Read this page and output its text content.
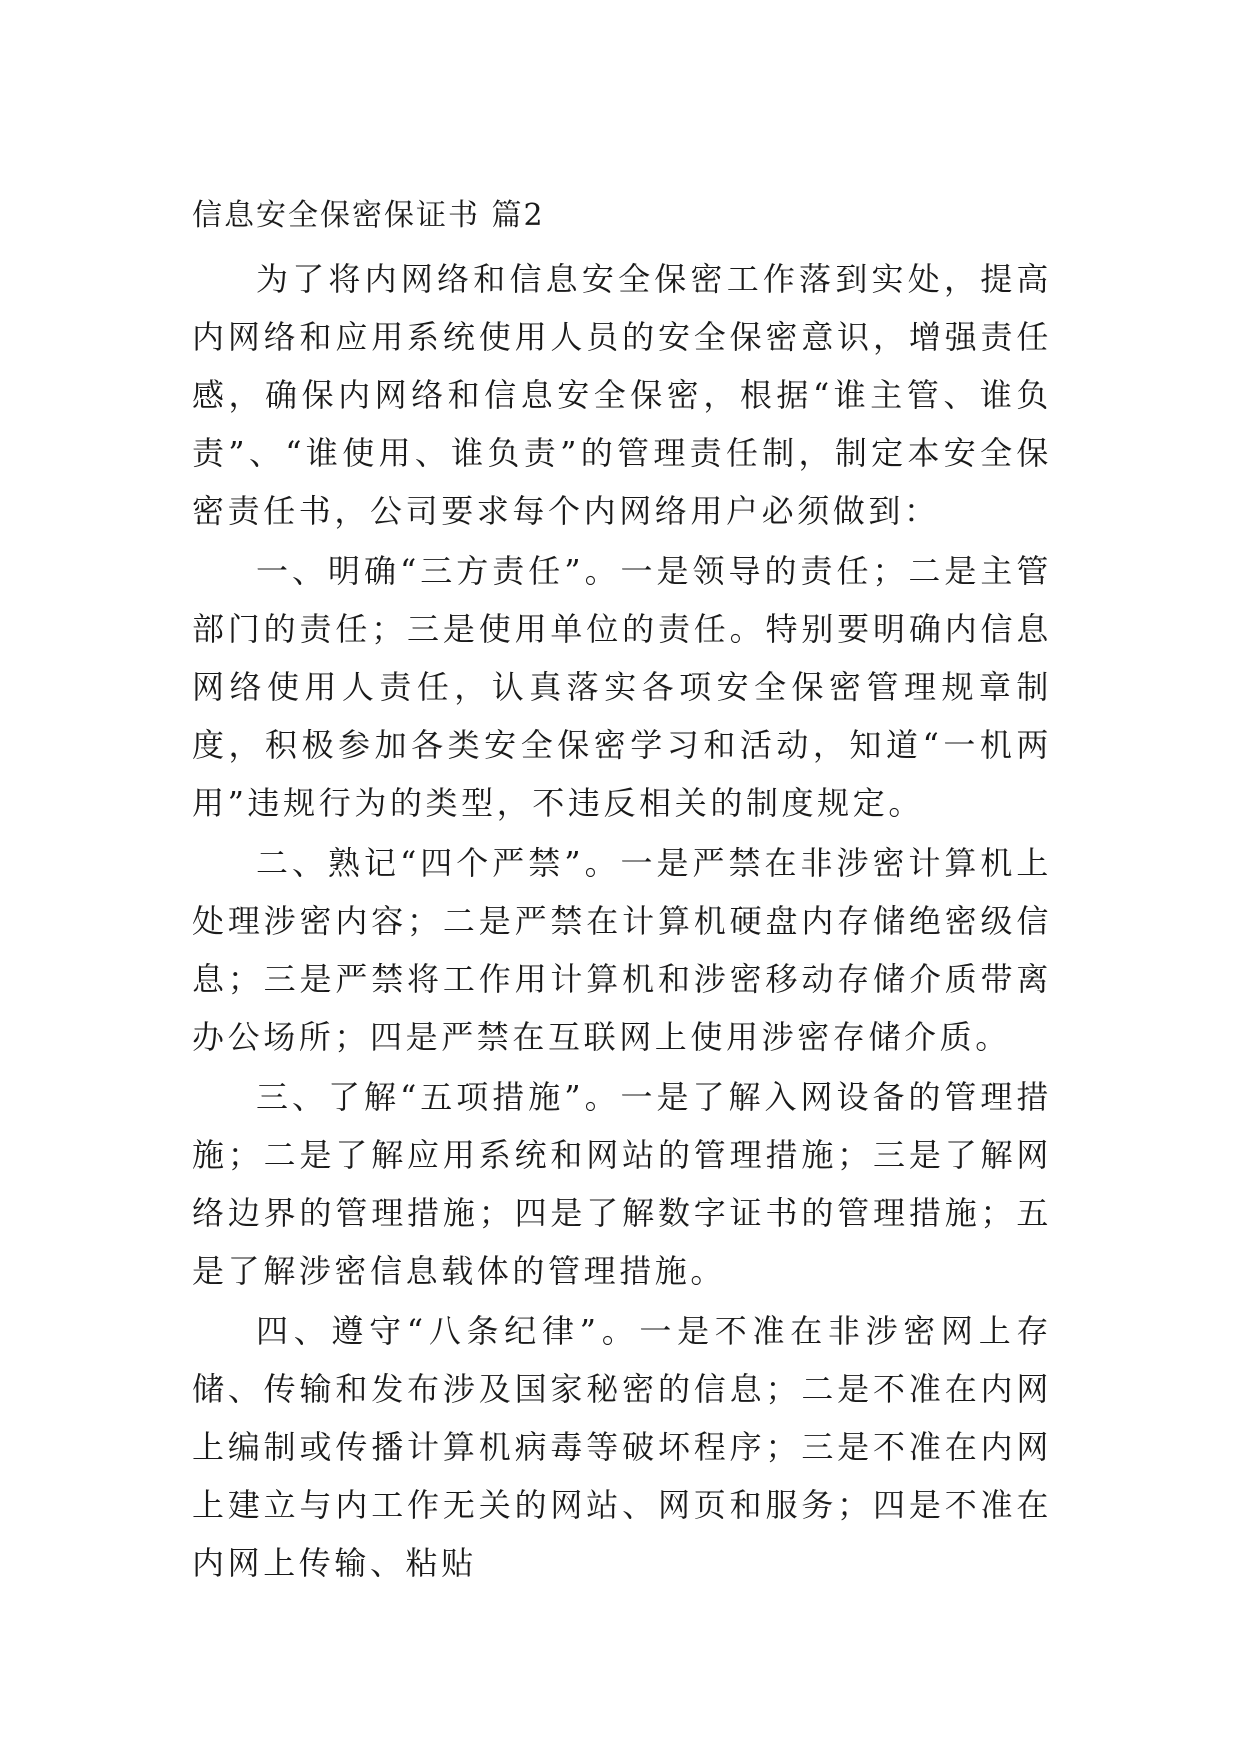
信息安全保密保证书 篇2

为了将内网络和信息安全保密工作落到实处，提高内网络和应用系统使用人员的安全保密意识，增强责任感，确保内网络和信息安全保密，根据“谁主管、谁负责”、“谁使用、谁负责”的管理责任制，制定本安全保密责任书，公司要求每个内网络用户必须做到：

一、明确“三方责任”。一是领导的责任；二是主管部门的责任；三是使用单位的责任。特别要明确内信息网络使用人责任，认真落实各项安全保密管理规章制度，积极参加各类安全保密学习和活动，知道“一机两用”违规行为的类型，不违反相关的制度规定。

二、熟记“四个严禁”。一是严禁在非涉密计算机上处理涉密内容；二是严禁在计算机硬盘内存储绝密级信息；三是严禁将工作用计算机和涉密移动存储介质带离办公场所；四是严禁在互联网上使用涉密存储介质。

三、了解“五项措施”。一是了解入网设备的管理措施；二是了解应用系统和网站的管理措施；三是了解网络边界的管理措施；四是了解数字证书的管理措施；五是了解涉密信息载体的管理措施。

四、遵守“八条纪律”。一是不准在非涉密网上存储、传输和发布涉及国家秘密的信息；二是不准在内网上编制或传播计算机病毒等破坏程序；三是不准在内网上建立与内工作无关的网站、网页和服务；四是不准在内网上传输、粘贴
